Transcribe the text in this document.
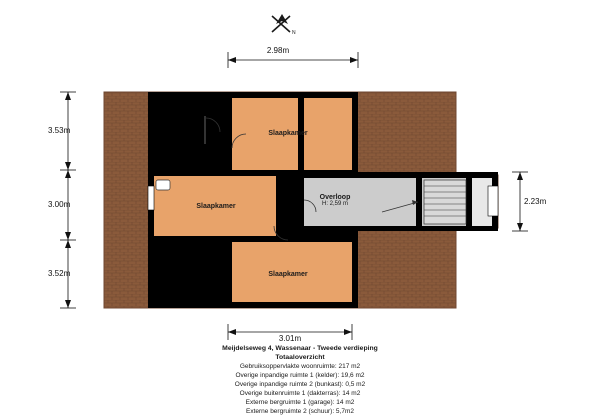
N
2.98m
3.53m
3.00m
3.52m
2.23m
3.01m
Slaapkamer
Slaapkamer
Overloop
H: 2,59 m
Slaapkamer
Meijdelseweg 4, Wassenaar - Tweede verdieping
Totaaloverzicht
Gebruiksoppervlakte woonruimte: 217 m2
Overige inpandige ruimte 1 (kelder): 19,6 m2
Overige inpandige ruimte 2 (bunkast): 0,5 m2
Overige buitenruimte 1 (dakterras): 14 m2
Externe bergruimte 1 (garage): 14 m2
Externe bergruimte 2 (schuur): 5,7m2
